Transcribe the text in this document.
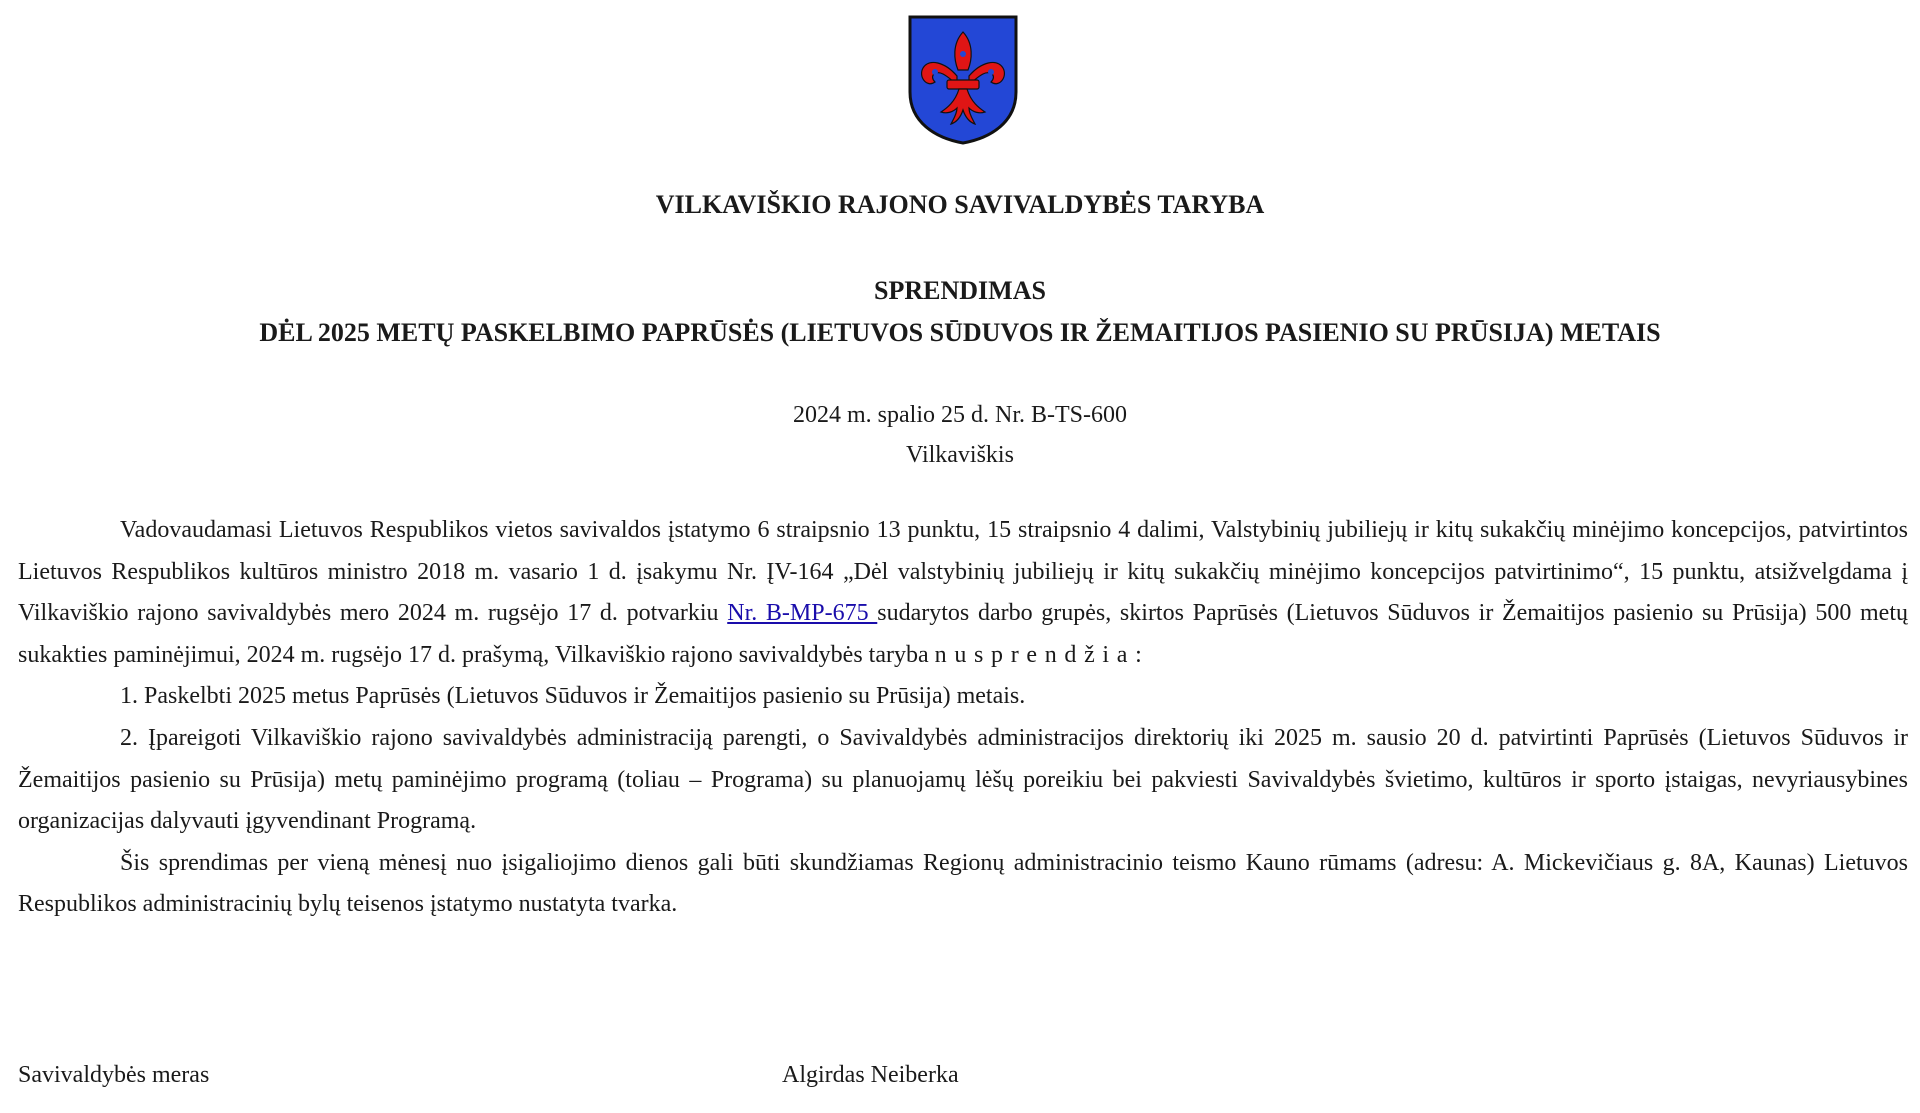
VILKAVIŠKIO RAJONO SAVIVALDYBĖS TARYBA
SPRENDIMAS
DĖL 2025 METŲ PASKELBIMO PAPRŪSĖS (LIETUVOS SŪDUVOS IR ŽEMAITIJOS PASIENIO SU PRŪSIJA) METAIS
2024 m. spalio 25 d. Nr. B-TS-600
Vilkaviškis

Vadovaudamasi Lietuvos Respublikos vietos savivaldos įstatymo 6 straipsnio 13 punktu, 15 straipsnio 4 dalimi, Valstybinių jubiliejų ir kitų sukakčių minėjimo koncepcijos, patvirtintos Lietuvos Respublikos kultūros ministro 2018 m. vasario 1 d. įsakymu Nr. ĮV-164 „Dėl valstybinių jubiliejų ir kitų sukakčių minėjimo koncepcijos patvirtinimo“, 15 punktu, atsižvelgdama į Vilkaviškio rajono savivaldybės mero 2024 m. rugsėjo 17 d. potvarkiu Nr. B-MP-675 sudarytos darbo grupės, skirtos Paprūsės (Lietuvos Sūduvos ir Žemaitijos pasienio su Prūsija) 500 metų sukakties paminėjimui, 2024 m. rugsėjo 17 d. prašymą, Vilkaviškio rajono savivaldybės taryba nusprendžia:

1. Paskelbti 2025 metus Paprūsės (Lietuvos Sūduvos ir Žemaitijos pasienio su Prūsija) metais.

2. Įpareigoti Vilkaviškio rajono savivaldybės administraciją parengti, o Savivaldybės administracijos direktorių iki 2025 m. sausio 20 d. patvirtinti Paprūsės (Lietuvos Sūduvos ir Žemaitijos pasienio su Prūsija) metų paminėjimo programą (toliau – Programa) su planuojamų lėšų poreikiu bei pakviesti Savivaldybės švietimo, kultūros ir sporto įstaigas, nevyriausybines organizacijas dalyvauti įgyvendinant Programą.

Šis sprendimas per vieną mėnesį nuo įsigaliojimo dienos gali būti skundžiamas Regionų administracinio teismo Kauno rūmams (adresu: A. Mickevičiaus g. 8A, Kaunas) Lietuvos Respublikos administracinių bylų teisenos įstatymo nustatyta tvarka.

Savivaldybės meras	Algirdas Neiberka
